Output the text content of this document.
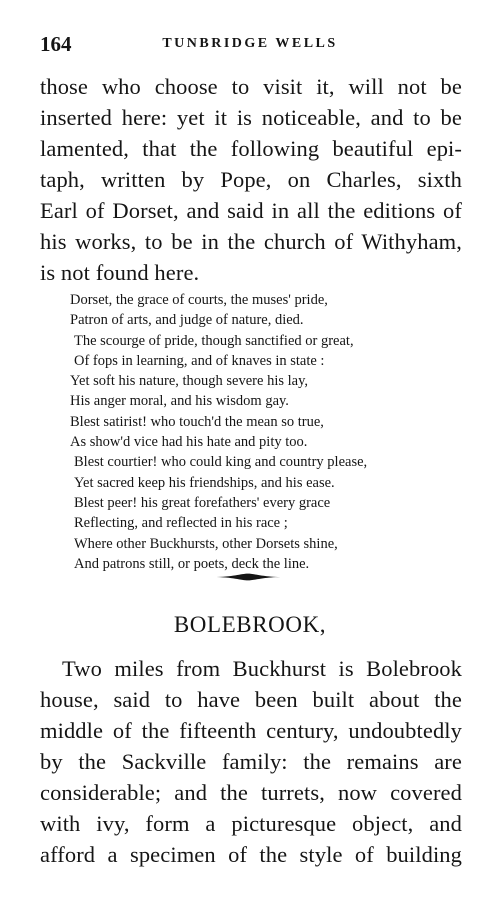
164	TUNBRIDGE WELLS

those who choose to visit it, will not be
inserted here: yet it is noticeable, and to be
lamented, that the following beautiful epi-
taph, written by Pope, on Charles, sixth
Earl of Dorset, and said in all the editions of
his works, to be in the church of Withyham,
is not found here.

Dorset, the grace of courts, the muses' pride,
Patron of arts, and judge of nature, died.
The scourge of pride, though sanctified or great,
Of fops in learning, and of knaves in state :
Yet soft his nature, though severe his lay,
His anger moral, and his wisdom gay.
Blest satirist! who touch'd the mean so true,
As show'd vice had his hate and pity too.
Blest courtier! who could king and country please,
Yet sacred keep his friendships, and his ease.
Blest peer! his great forefathers' every grace
Reflecting, and reflected in his race ;
Where other Buckhursts, other Dorsets shine,
And patrons still, or poets, deck the line.
BOLEBROOK,

Two miles from Buckhurst is Bolebrook
house, said to have been built about the
middle of the fifteenth century, undoubtedly
by the Sackville family: the remains are
considerable; and the turrets, now covered
with ivy, form a picturesque object, and
afford a specimen of the style of building
